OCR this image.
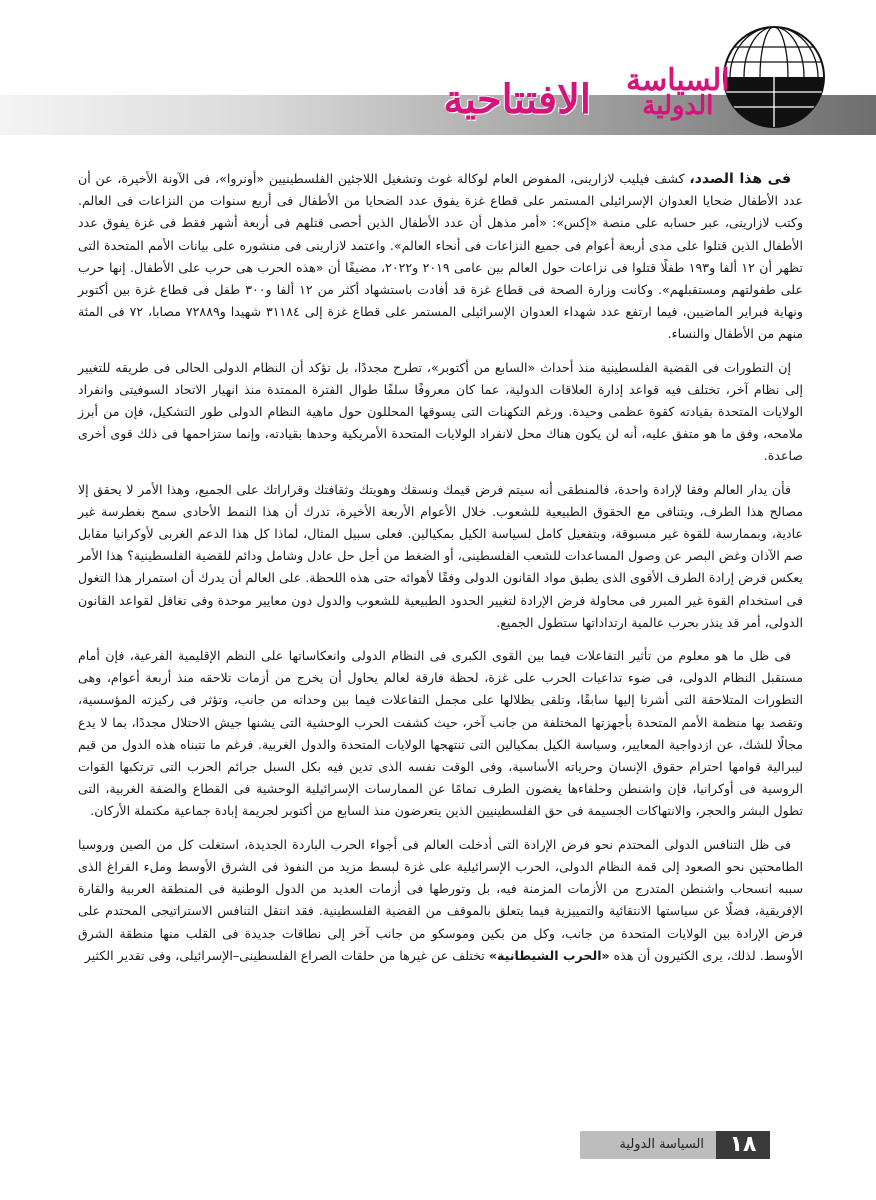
الافتتاحية السياسة
الدولية

فى هذا الصدد، كشف فيليب لازارينى، المفوض العام لوكالة غوث وتشغيل اللاجئين الفلسطينيين «أونروا»، فى الآونة الأخيرة، عن أن عدد الأطفال ضحايا العدوان الإسرائيلى المستمر على قطاع غزة يفوق عدد الضحايا من الأطفال فى أربع سنوات من النزاعات فى العالم. وكتب لازارينى، عبر حسابه على منصة «إكس»: «أمر مذهل أن عدد الأطفال الذين أحصى قتلهم فى أربعة أشهر فقط فى غزة يفوق عدد الأطفال الذين قتلوا على مدى أربعة أعوام فى جميع النزاعات فى أنحاء العالم». واعتمد لازارينى فى منشوره على بيانات الأمم المتحدة التى تظهر أن ١٢ ألفا و١٩٣ طفلًا قتلوا فى نزاعات حول العالم بين عامى ٢٠١٩ و٢٠٢٢، مضيفًا أن «هذه الحرب هى حرب على الأطفال. إنها حرب على طفولتهم ومستقبلهم». وكانت وزارة الصحة فى قطاع غزة قد أفادت باستشهاد أكثر من ١٢ ألفا و٣٠٠ طفل فى قطاع غزة بين أكتوبر ونهاية فبراير الماضيين، فيما ارتفع عدد شهداء العدوان الإسرائيلى المستمر على قطاع غزة إلى ٣١١٨٤ شهيدا و٧٢٨٨٩ مصابا، ٧٢ فى المئة منهم من الأطفال والنساء.

إن التطورات فى القضية الفلسطينية منذ أحداث «السابع من أكتوبر»، تطرح مجددًا، بل تؤكد أن النظام الدولى الحالى فى طريقه للتغيير إلى نظام آخر، تختلف فيه قواعد إدارة العلاقات الدولية، عما كان معروفًا سلفًا طوال الفترة الممتدة منذ انهيار الاتحاد السوفيتى وانفراد الولايات المتحدة بقيادته كقوة عظمى وحيدة. ورغم التكهنات التى يسوقها المحللون حول ماهية النظام الدولى طور التشكيل، فإن من أبرز ملامحه، وفق ما هو متفق عليه، أنه لن يكون هناك محل لانفراد الولايات المتحدة الأمريكية وحدها بقيادته، وإنما ستزاحمها فى ذلك قوى أخرى صاعدة.

فأن يدار العالم وفقا لإرادة واحدة، فالمنطقى أنه سيتم فرض قيمك ونسقك وهويتك وثقافتك وقراراتك على الجميع، وهذا الأمر لا يحقق إلا مصالح هذا الطرف، ويتنافى مع الحقوق الطبيعية للشعوب. خلال الأعوام الأربعة الأخيرة، تدرك أن هذا النمط الأحادى سمح بغطرسة غير عادية، وبممارسة للقوة غير مسبوقة، وبتفعيل كامل لسياسة الكيل بمكيالين. فعلى سبيل المثال، لماذا كل هذا الدعم الغربى لأوكرانيا مقابل صم الآذان وغض البصر عن وصول المساعدات للشعب الفلسطينى، أو الضغط من أجل حل عادل وشامل ودائم للقضية الفلسطينية؟ هذا الأمر يعكس فرض إرادة الطرف الأقوى الذى يطبق مواد القانون الدولى وفقًا لأهوائه حتى هذه اللحظة. على العالم أن يدرك أن استمرار هذا التغول فى استخدام القوة غير المبرر فى محاولة فرض الإرادة لتغيير الحدود الطبيعية للشعوب والدول دون معايير موحدة وفى تغافل لقواعد القانون الدولى، أمر قد ينذر بحرب عالمية ارتداداتها ستطول الجميع.

فى ظل ما هو معلوم من تأثير التفاعلات فيما بين القوى الكبرى فى النظام الدولى وانعكاساتها على النظم الإقليمية الفرعية، فإن أمام مستقبل النظام الدولى، فى ضوء تداعيات الحرب على غزة، لحظة فارقة لعالم يحاول أن يخرج من أزمات تلاحقه منذ أربعة أعوام، وهى التطورات المتلاحقة التى أشرنا إليها سابقًا، وتلقى بظلالها على مجمل التفاعلات فيما بين وحداته من جانب، وتؤثر فى ركيزته المؤسسية، وتقصد بها منظمة الأمم المتحدة بأجهزتها المختلفة من جانب آخر، حيث كشفت الحرب الوحشية التى يشنها جيش الاحتلال مجددًا، بما لا يدع مجالًا للشك، عن ازدواجية المعايير، وسياسة الكيل بمكيالين التى تنتهجها الولايات المتحدة والدول الغربية. فرغم ما تتبناه هذه الدول من قيم ليبرالية قوامها احترام حقوق الإنسان وحرياته الأساسية، وفى الوقت نفسه الذى تدين فيه بكل السبل جرائم الحرب التى ترتكبها القوات الروسية فى أوكرانيا، فإن واشنطن وحلفاءها يغضون الطرف تمامًا عن الممارسات الإسرائيلية الوحشية فى القطاع والضفة الغربية، التى تطول البشر والحجر، والانتهاكات الجسيمة فى حق الفلسطينيين الذين يتعرضون منذ السابع من أكتوبر لجريمة إبادة جماعية مكتملة الأركان.

فى ظل التنافس الدولى المحتدم نحو فرض الإرادة التى أدخلت العالم فى أجواء الحرب الباردة الجديدة، استغلت كل من الصين وروسيا الطامحتين نحو الصعود إلى قمة النظام الدولى، الحرب الإسرائيلية على غزة لبسط مزيد من النفوذ فى الشرق الأوسط وملء الفراغ الذى سببه انسحاب واشنطن المتدرج من الأزمات المزمنة فيه، بل وتورطها فى أزمات العديد من الدول الوطنية فى المنطقة العربية والقارة الإفريقية، فضلًا عن سياستها الانتقائية والتمييزية فيما يتعلق بالموقف من القضية الفلسطينية. فقد انتقل التنافس الاستراتيجى المحتدم على فرض الإرادة بين الولايات المتحدة من جانب، وكل من بكين وموسكو من جانب آخر إلى نطاقات جديدة فى القلب منها منطقة الشرق الأوسط. لذلك، يرى الكثيرون أن هذه «الحرب الشيطانية» تختلف عن غيرها من حلقات الصراع الفلسطينى–الإسرائيلى، وفى تقدير الكثير

١٨
السياسة الدولية
